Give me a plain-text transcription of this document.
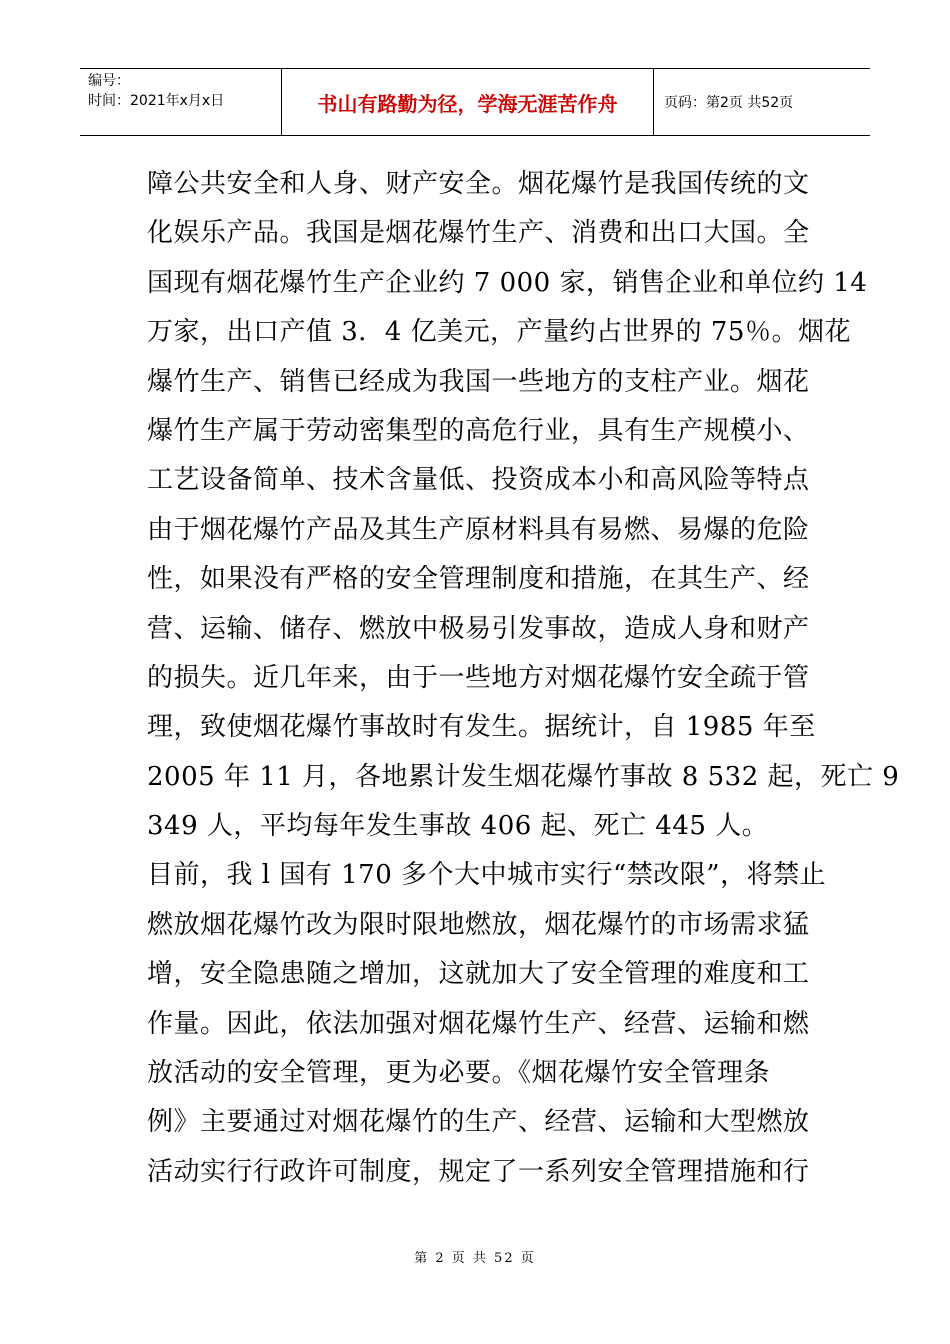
编号：
时间：2021年x月x日	书山有路勤为径，学海无涯苦作舟	页码：第2页 共52页
障公共安全和人身、财产安全。烟花爆竹是我国传统的文
化娱乐产品。我国是烟花爆竹生产、消费和出口大国。全
国现有烟花爆竹生产企业约 7 000 家，销售企业和单位约 14
万家，出口产值 3．4 亿美元，产量约占世界的 75％。烟花
爆竹生产、销售已经成为我国一些地方的支柱产业。烟花
爆竹生产属于劳动密集型的高危行业，具有生产规模小、
工艺设备简单、技术含量低、投资成本小和高风险等特点
由于烟花爆竹产品及其生产原材料具有易燃、易爆的危险
性，如果没有严格的安全管理制度和措施，在其生产、经
营、运输、储存、燃放中极易引发事故，造成人身和财产
的损失。近几年来，由于一些地方对烟花爆竹安全疏于管
理，致使烟花爆竹事故时有发生。据统计，自 1985 年至
2005 年 11 月，各地累计发生烟花爆竹事故 8 532 起，死亡 9
349 人，平均每年发生事故 406 起、死亡 445 人。
目前，我 l 国有 170 多个大中城市实行“禁改限”，将禁止
燃放烟花爆竹改为限时限地燃放，烟花爆竹的市场需求猛
增，安全隐患随之增加，这就加大了安全管理的难度和工
作量。因此，依法加强对烟花爆竹生产、经营、运输和燃
放活动的安全管理，更为必要。《烟花爆竹安全管理条
例》主要通过对烟花爆竹的生产、经营、运输和大型燃放
活动实行行政许可制度，规定了一系列安全管理措施和行
第 2 页 共 52 页
